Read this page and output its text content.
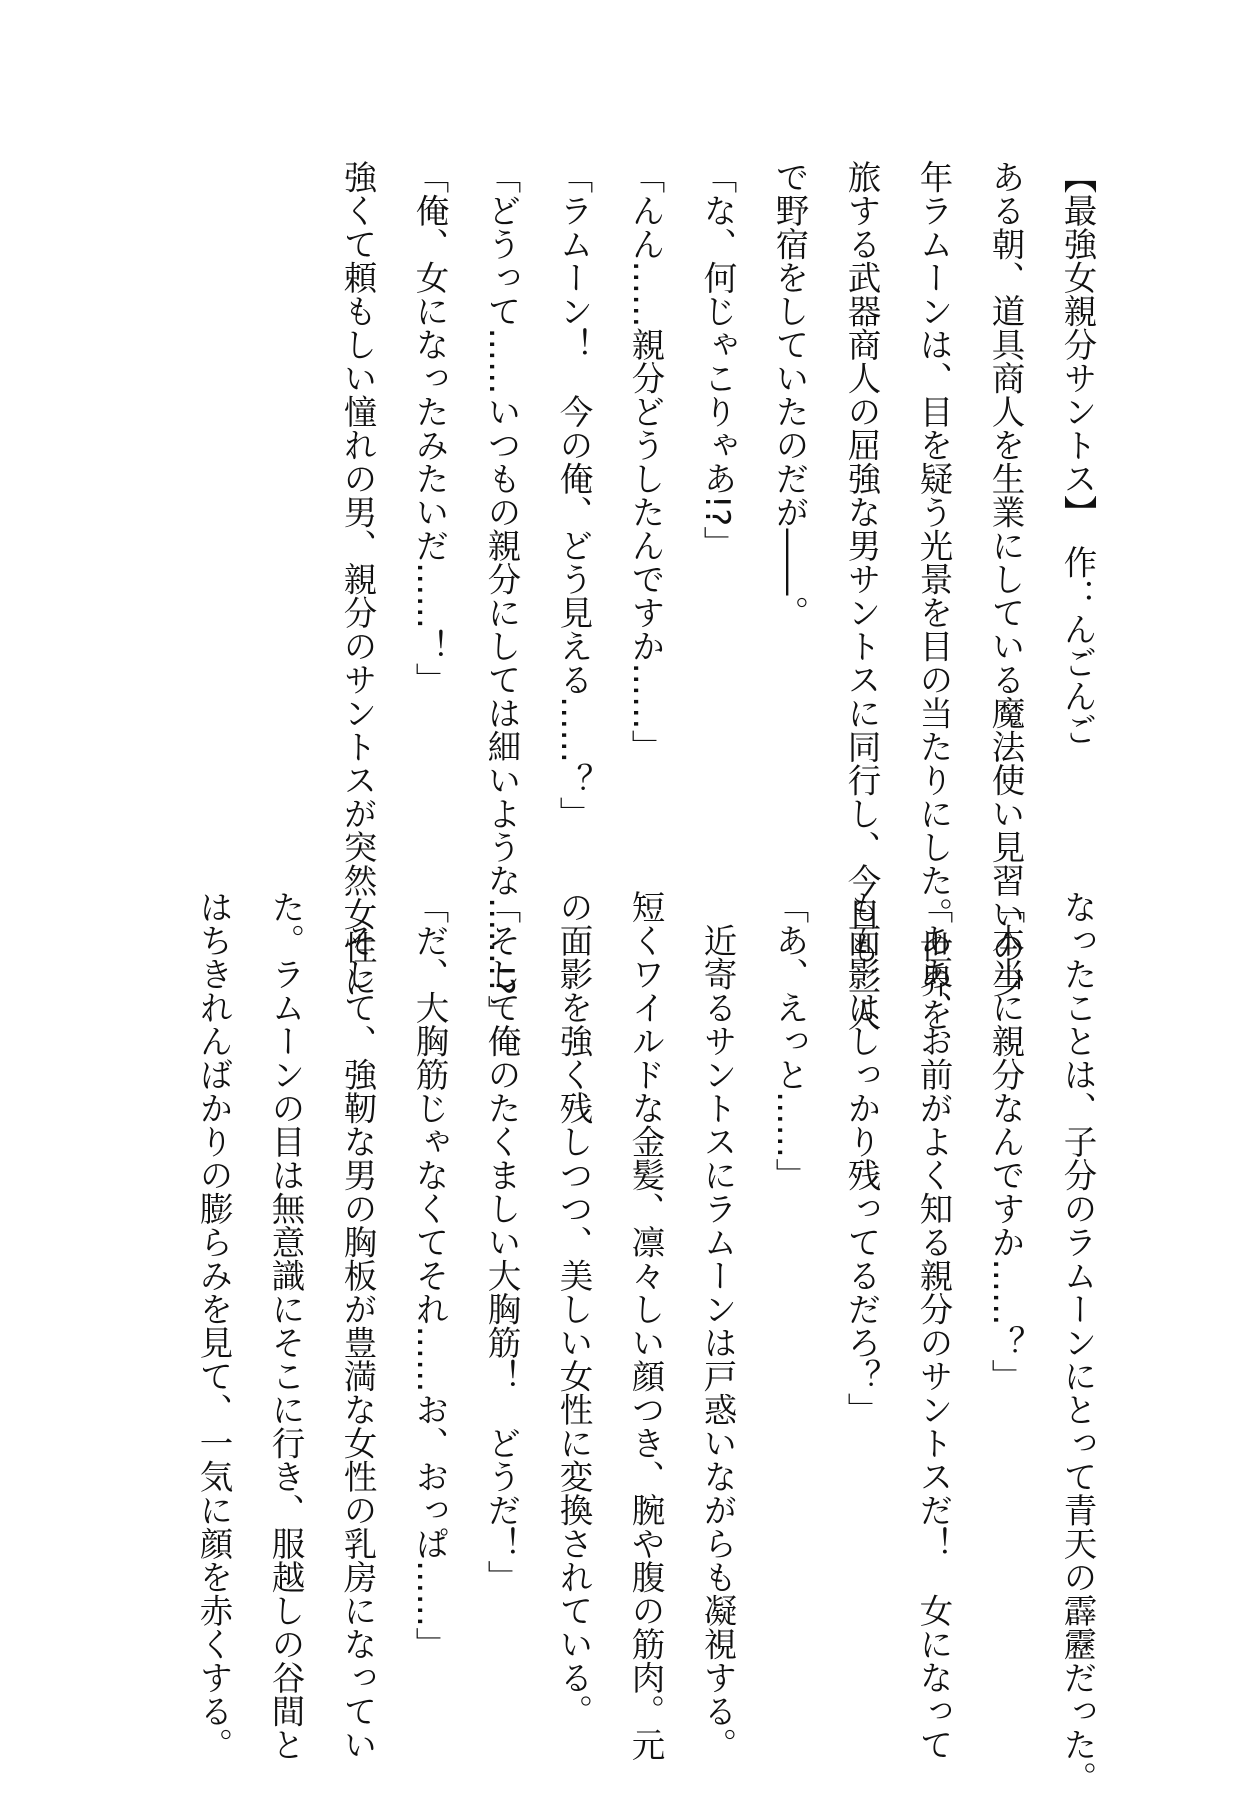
【最強女親分サントス】　作：んごんご
ある朝、道具商人を生業にしている魔法使い見習いの少
年ラムーンは、目を疑う光景を目の当たりにした。世界を
旅する武器商人の屈強な男サントスに同行し、今日も二人
で野宿をしていたのだが――。
「な、何じゃこりゃあ!?」
「んん……親分どうしたんですか……」
「ラムーン！　今の俺、どう見える……？」
「どうって……いつもの親分にしては細いような……!?」
「俺、女になったみたいだ……！」
強くて頼もしい憧れの男、親分のサントスが突然女性に
なったことは、子分のラムーンにとって青天の霹靂だった。
「本当に親分なんですか……？」
「ああ、お前がよく知る親分のサントスだ！　女になって
も面影はしっかり残ってるだろ？」
「あ、えっと……」
　近寄るサントスにラムーンは戸惑いながらも凝視する。
短くワイルドな金髪、凛々しい顔つき、腕や腹の筋肉。元
の面影を強く残しつつ、美しい女性に変換されている。
「そして俺のたくましい大胸筋！　どうだ！」
「だ、大胸筋じゃなくてそれ……お、おっぱ……」
　そして、強靭な男の胸板が豊満な女性の乳房になってい
た。ラムーンの目は無意識にそこに行き、服越しの谷間と
はちきれんばかりの膨らみを見て、一気に顔を赤くする。
